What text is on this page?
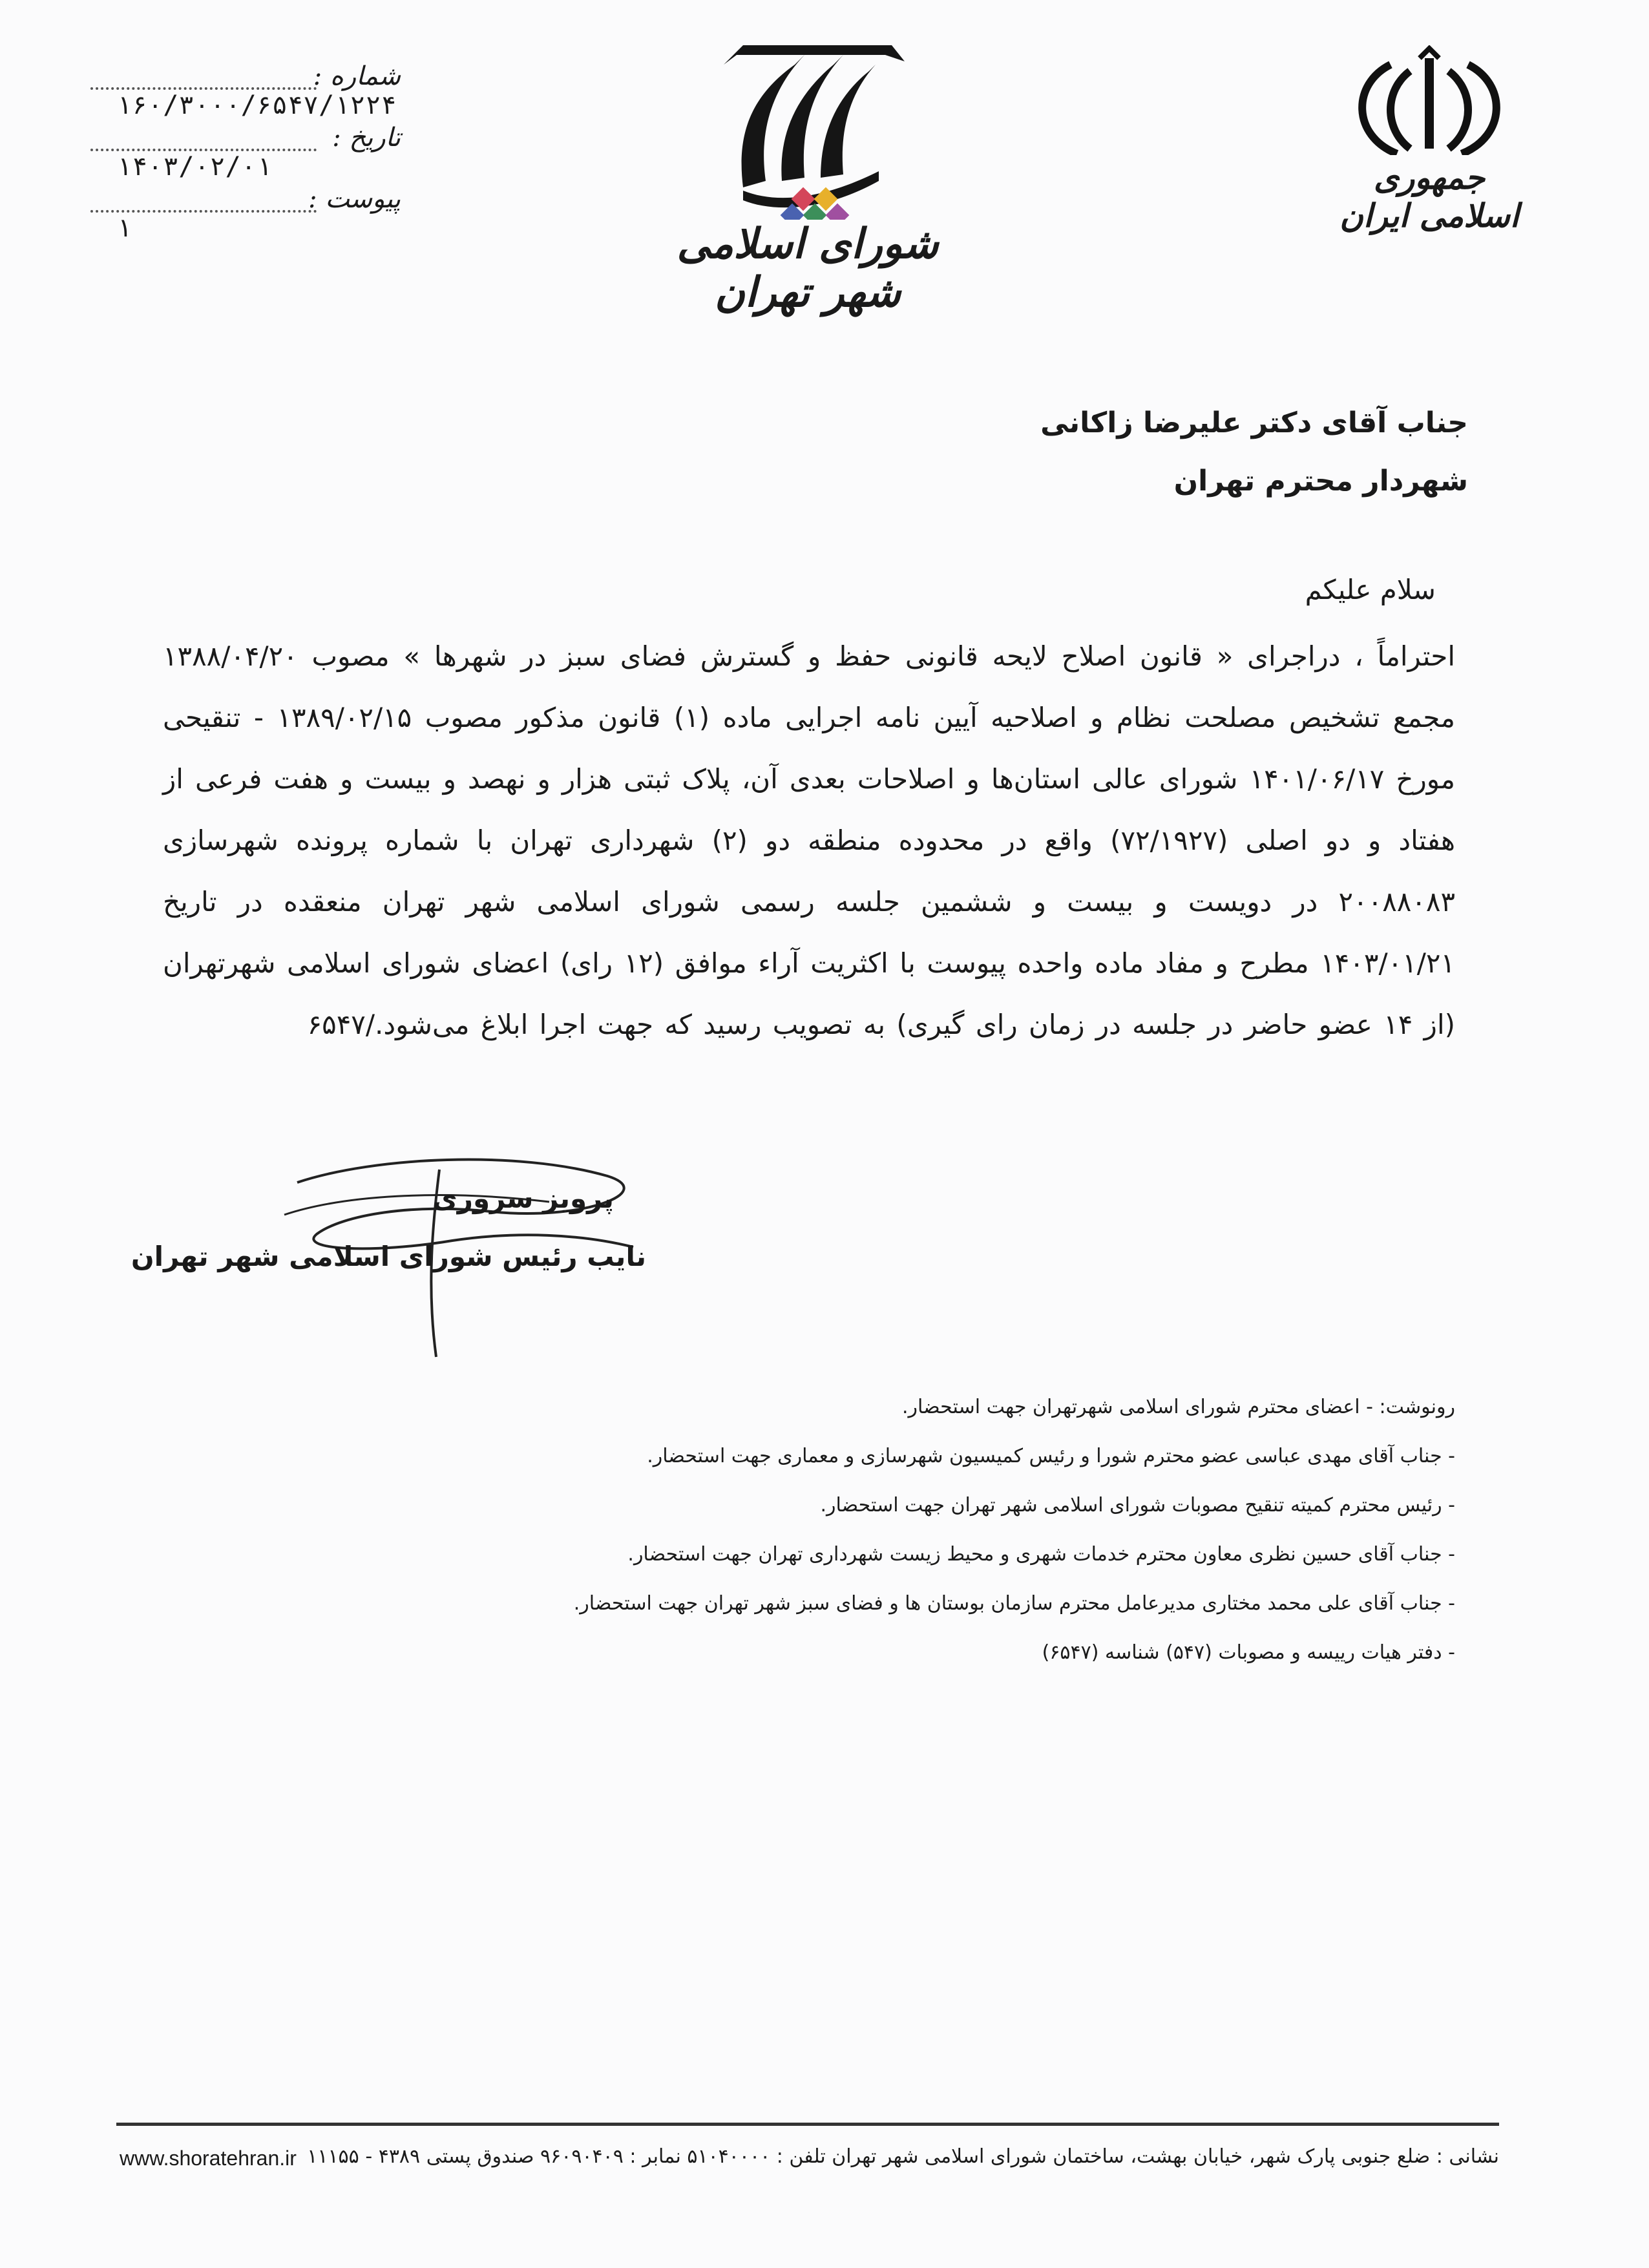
شماره :
۱۶۰/۳۰۰۰/۶۵۴۷/۱۲۲۴
تاریخ :
۱۴۰۳/۰۲/۰۱
پیوست :
۱	شورای اسلامی شهر تهران
جمهوری اسلامی ایران
جناب آقای دکتر علیرضا زاکانی
شهردار محترم تهران
سلام علیکم
احتراماً ، دراجرای « قانون اصلاح لایحه قانونی حفظ و گسترش فضای سبز در شهرها » مصوب ۱۳۸۸/۰۴/۲۰ مجمع تشخیص مصلحت نظام و اصلاحیه آیین نامه اجرایی ماده (۱) قانون مذکور مصوب ۱۳۸۹/۰۲/۱۵ - تنقیحی مورخ ۱۴۰۱/۰۶/۱۷ شورای عالی استان‌ها و اصلاحات بعدی آن، پلاک ثبتی هزار و نهصد و بیست و هفت فرعی از هفتاد و دو اصلی (۷۲/۱۹۲۷) واقع در محدوده منطقه دو (۲) شهرداری تهران با شماره پرونده شهرسازی ۲۰۰۸۸۰۸۳ در دویست و بیست و ششمین جلسه رسمی شورای اسلامی شهر تهران منعقده در تاریخ ۱۴۰۳/۰۱/۲۱ مطرح و مفاد ماده واحده پیوست با اکثریت آراء موافق (۱۲ رای) اعضای شورای اسلامی شهرتهران (از ۱۴ عضو حاضر در جلسه در زمان رای گیری) به تصویب رسید که جهت اجرا ابلاغ می‌شود./۶۵۴۷
پرویز سروری
نایب رئیس شورای اسلامی شهر تهران
رونوشت: - اعضای محترم شورای اسلامی شهرتهران جهت استحضار.
- جناب آقای مهدی عباسی عضو محترم شورا و رئیس کمیسیون شهرسازی و معماری جهت استحضار.
- رئیس محترم کمیته تنقیح مصوبات شورای اسلامی شهر تهران جهت استحضار.
- جناب آقای حسین نظری معاون محترم خدمات شهری و محیط زیست شهرداری تهران جهت استحضار.
- جناب آقای علی محمد مختاری مدیرعامل محترم سازمان بوستان ها و فضای سبز شهر تهران جهت استحضار.
- دفتر هیات رییسه و مصوبات (۵۴۷) شناسه (۶۵۴۷)
نشانی : ضلع جنوبی پارک شهر، خیابان بهشت، ساختمان شورای اسلامی شهر تهران تلفن : ۵۱۰۴۰۰۰۰ نمابر : ۹۶۰۹۰۴۰۹ صندوق پستی ۴۳۸۹ - ۱۱۱۵۵
www.shoratehran.ir
